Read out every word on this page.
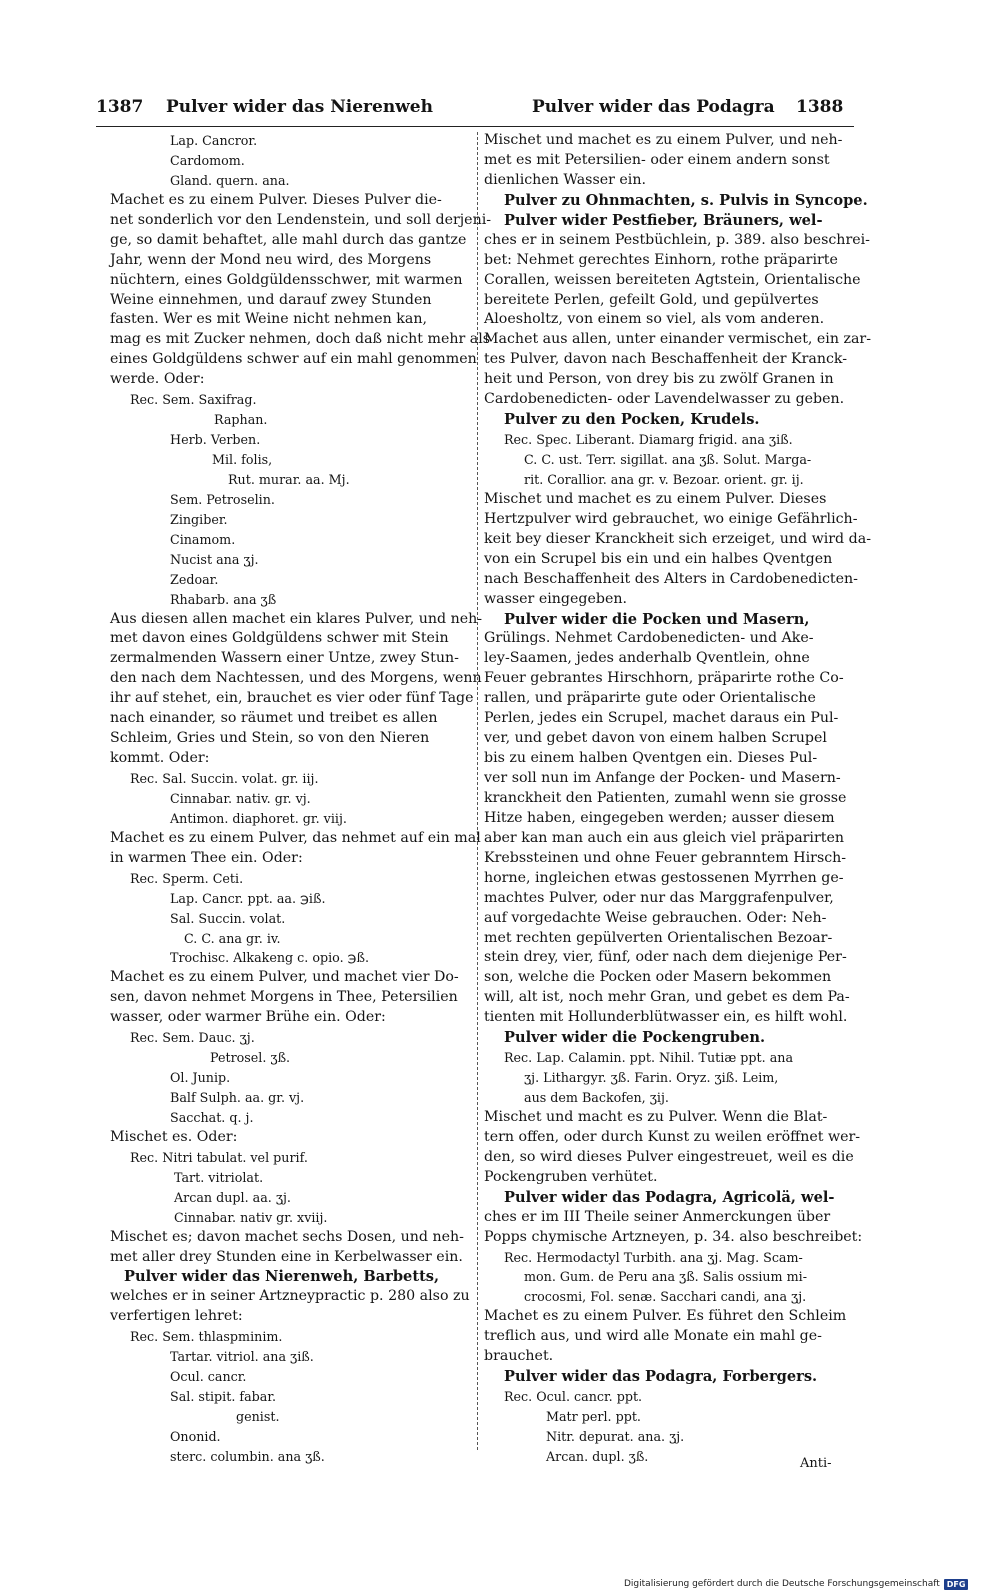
1387 Pulver wider das Nierenweh	Pulver wider das Podagra 1388
Lap. Cancror.
Cardomom.
Gland. quern. ana.
Machet es zu einem Pulver. Dieses Pulver die-
net sonderlich vor den Lendenstein, und soll derjeni-
ge, so damit behaftet, alle mahl durch das gantze
Jahr, wenn der Mond neu wird, des Morgens
nüchtern, eines Goldgüldensschwer, mit warmen
Weine einnehmen, und darauf zwey Stunden
fasten. Wer es mit Weine nicht nehmen kan,
mag es mit Zucker nehmen, doch daß nicht mehr als
eines Goldgüldens schwer auf ein mahl genommen
werde. Oder:
Rec. Sem. Saxifrag.
Raphan.
Herb. Verben.
Mil. folis,
Rut. murar. aa. Mj.
Sem. Petroselin.
Zingiber.
Cinamom.
Nucist ana ʒj.
Zedoar.
Rhabarb. ana ʒß
Aus diesen allen machet ein klares Pulver, und neh-
met davon eines Goldgüldens schwer mit Stein
zermalmenden Wassern einer Untze, zwey Stun-
den nach dem Nachtessen, und des Morgens, wenn
ihr auf stehet, ein, brauchet es vier oder fünf Tage
nach einander, so räumet und treibet es allen
Schleim, Gries und Stein, so von den Nieren
kommt. Oder:
Rec. Sal. Succin. volat. gr. iij.
Cinnabar. nativ. gr. vj.
Antimon. diaphoret. gr. viij.
Machet es zu einem Pulver, das nehmet auf ein mal
in warmen Thee ein. Oder:
Rec. Sperm. Ceti.
Lap. Cancr. ppt. aa. ℈iß.
Sal. Succin. volat.
C. C. ana gr. iv.
Trochisc. Alkakeng c. opio. ℈ß.
Machet es zu einem Pulver, und machet vier Do-
sen, davon nehmet Morgens in Thee, Petersilien
wasser, oder warmer Brühe ein. Oder:
Rec. Sem. Dauc. ʒj.
Petrosel. ʒß.
Ol. Junip.
Balf Sulph. aa. gr. vj.
Sacchat. q. j.
Mischet es. Oder:
Rec. Nitri tabulat. vel purif.
Tart. vitriolat.
Arcan dupl. aa. ʒj.
Cinnabar. nativ gr. xviij.
Mischet es; davon machet sechs Dosen, und neh-
met aller drey Stunden eine in Kerbelwasser ein.
Pulver wider das Nierenweh, Barbetts,
welches er in seiner Artzneypractic p. 280 also zu
verfertigen lehret:
Rec. Sem. thlaspminim.
Tartar. vitriol. ana ʒiß.
Ocul. cancr.
Sal. stipit. fabar.
genist.
Ononid.
sterc. columbin. ana ʒß.
Mischet und machet es zu einem Pulver, und neh-
met es mit Petersilien- oder einem andern sonst
dienlichen Wasser ein.
Pulver zu Ohnmachten, s. Pulvis in Syncope.
Pulver wider Pestfieber, Bräuners, wel-
ches er in seinem Pestbüchlein, p. 389. also beschrei-
bet: Nehmet gerechtes Einhorn, rothe präparirte
Corallen, weissen bereiteten Agtstein, Orientalische
bereitete Perlen, gefeilt Gold, und gepülvertes
Aloesholtz, von einem so viel, als vom anderen.
Machet aus allen, unter einander vermischet, ein zar-
tes Pulver, davon nach Beschaffenheit der Kranck-
heit und Person, von drey bis zu zwölf Granen in
Cardobenedicten- oder Lavendelwasser zu geben.
Pulver zu den Pocken, Krudels.
Rec. Spec. Liberant. Diamarg frigid. ana ʒiß.
C. C. ust. Terr. sigillat. ana ʒß. Solut. Marga-
rit. Corallior. ana gr. v. Bezoar. orient. gr. ij.
Mischet und machet es zu einem Pulver. Dieses
Hertzpulver wird gebrauchet, wo einige Gefährlich-
keit bey dieser Kranckheit sich erzeiget, und wird da-
von ein Scrupel bis ein und ein halbes Qventgen
nach Beschaffenheit des Alters in Cardobenedicten-
wasser eingegeben.
Pulver wider die Pocken und Masern,
Grülings. Nehmet Cardobenedicten- und Ake-
ley-Saamen, jedes anderhalb Qventlein, ohne
Feuer gebrantes Hirschhorn, präparirte rothe Co-
rallen, und präparirte gute oder Orientalische
Perlen, jedes ein Scrupel, machet daraus ein Pul-
ver, und gebet davon von einem halben Scrupel
bis zu einem halben Qventgen ein. Dieses Pul-
ver soll nun im Anfange der Pocken- und Masern-
kranckheit den Patienten, zumahl wenn sie grosse
Hitze haben, eingegeben werden; ausser diesem
aber kan man auch ein aus gleich viel präparirten
Krebssteinen und ohne Feuer gebranntem Hirsch-
horne, ingleichen etwas gestossenen Myrrhen ge-
machtes Pulver, oder nur das Marggrafenpulver,
auf vorgedachte Weise gebrauchen. Oder: Neh-
met rechten gepülverten Orientalischen Bezoar-
stein drey, vier, fünf, oder nach dem diejenige Per-
son, welche die Pocken oder Masern bekommen
will, alt ist, noch mehr Gran, und gebet es dem Pa-
tienten mit Hollunderblütwasser ein, es hilft wohl.
Pulver wider die Pockengruben.
Rec. Lap. Calamin. ppt. Nihil. Tutiæ ppt. ana
ʒj. Lithargyr. ʒß. Farin. Oryz. ʒiß. Leim,
aus dem Backofen, ʒij.
Mischet und macht es zu Pulver. Wenn die Blat-
tern offen, oder durch Kunst zu weilen eröffnet wer-
den, so wird dieses Pulver eingestreuet, weil es die
Pockengruben verhütet.
Pulver wider das Podagra, Agricolä, wel-
ches er im III Theile seiner Anmerckungen über
Popps chymische Artzneyen, p. 34. also beschreibet:
Rec. Hermodactyl Turbith. ana ʒj. Mag. Scam-
mon. Gum. de Peru ana ʒß. Salis ossium mi-
crocosmi, Fol. senæ. Sacchari candi, ana ʒj.
Machet es zu einem Pulver. Es führet den Schleim
treflich aus, und wird alle Monate ein mahl ge-
brauchet.
Pulver wider das Podagra, Forbergers.
Rec. Ocul. cancr. ppt.
Matr perl. ppt.
Nitr. depurat. ana. ʒj.
Arcan. dupl. ʒß.	Anti-
Digitalisierung gefördert durch die Deutsche Forschungsgemeinschaft DFG
